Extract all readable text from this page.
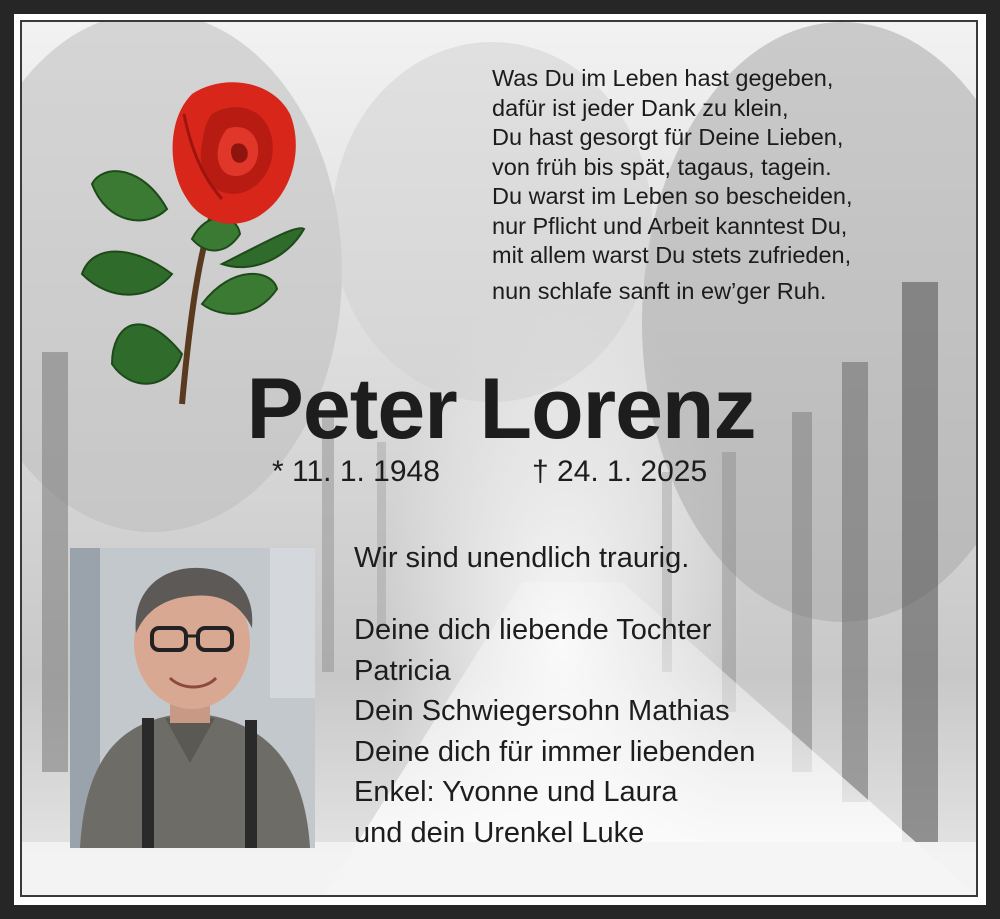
Was Du im Leben hast gegeben,
dafür ist jeder Dank zu klein,
Du hast gesorgt für Deine Lieben,
von früh bis spät, tagaus, tagein.
Du warst im Leben so bescheiden,
nur Pflicht und Arbeit kanntest Du,
mit allem warst Du stets zufrieden,
nun schlafe sanft in ew’ger Ruh.
Peter Lorenz
* 11. 1. 1948	† 24. 1. 2025
Wir sind unendlich traurig.
Deine dich liebende Tochter
Patricia
Dein Schwiegersohn Mathias
Deine dich für immer liebenden
Enkel: Yvonne und Laura
und dein Urenkel Luke
